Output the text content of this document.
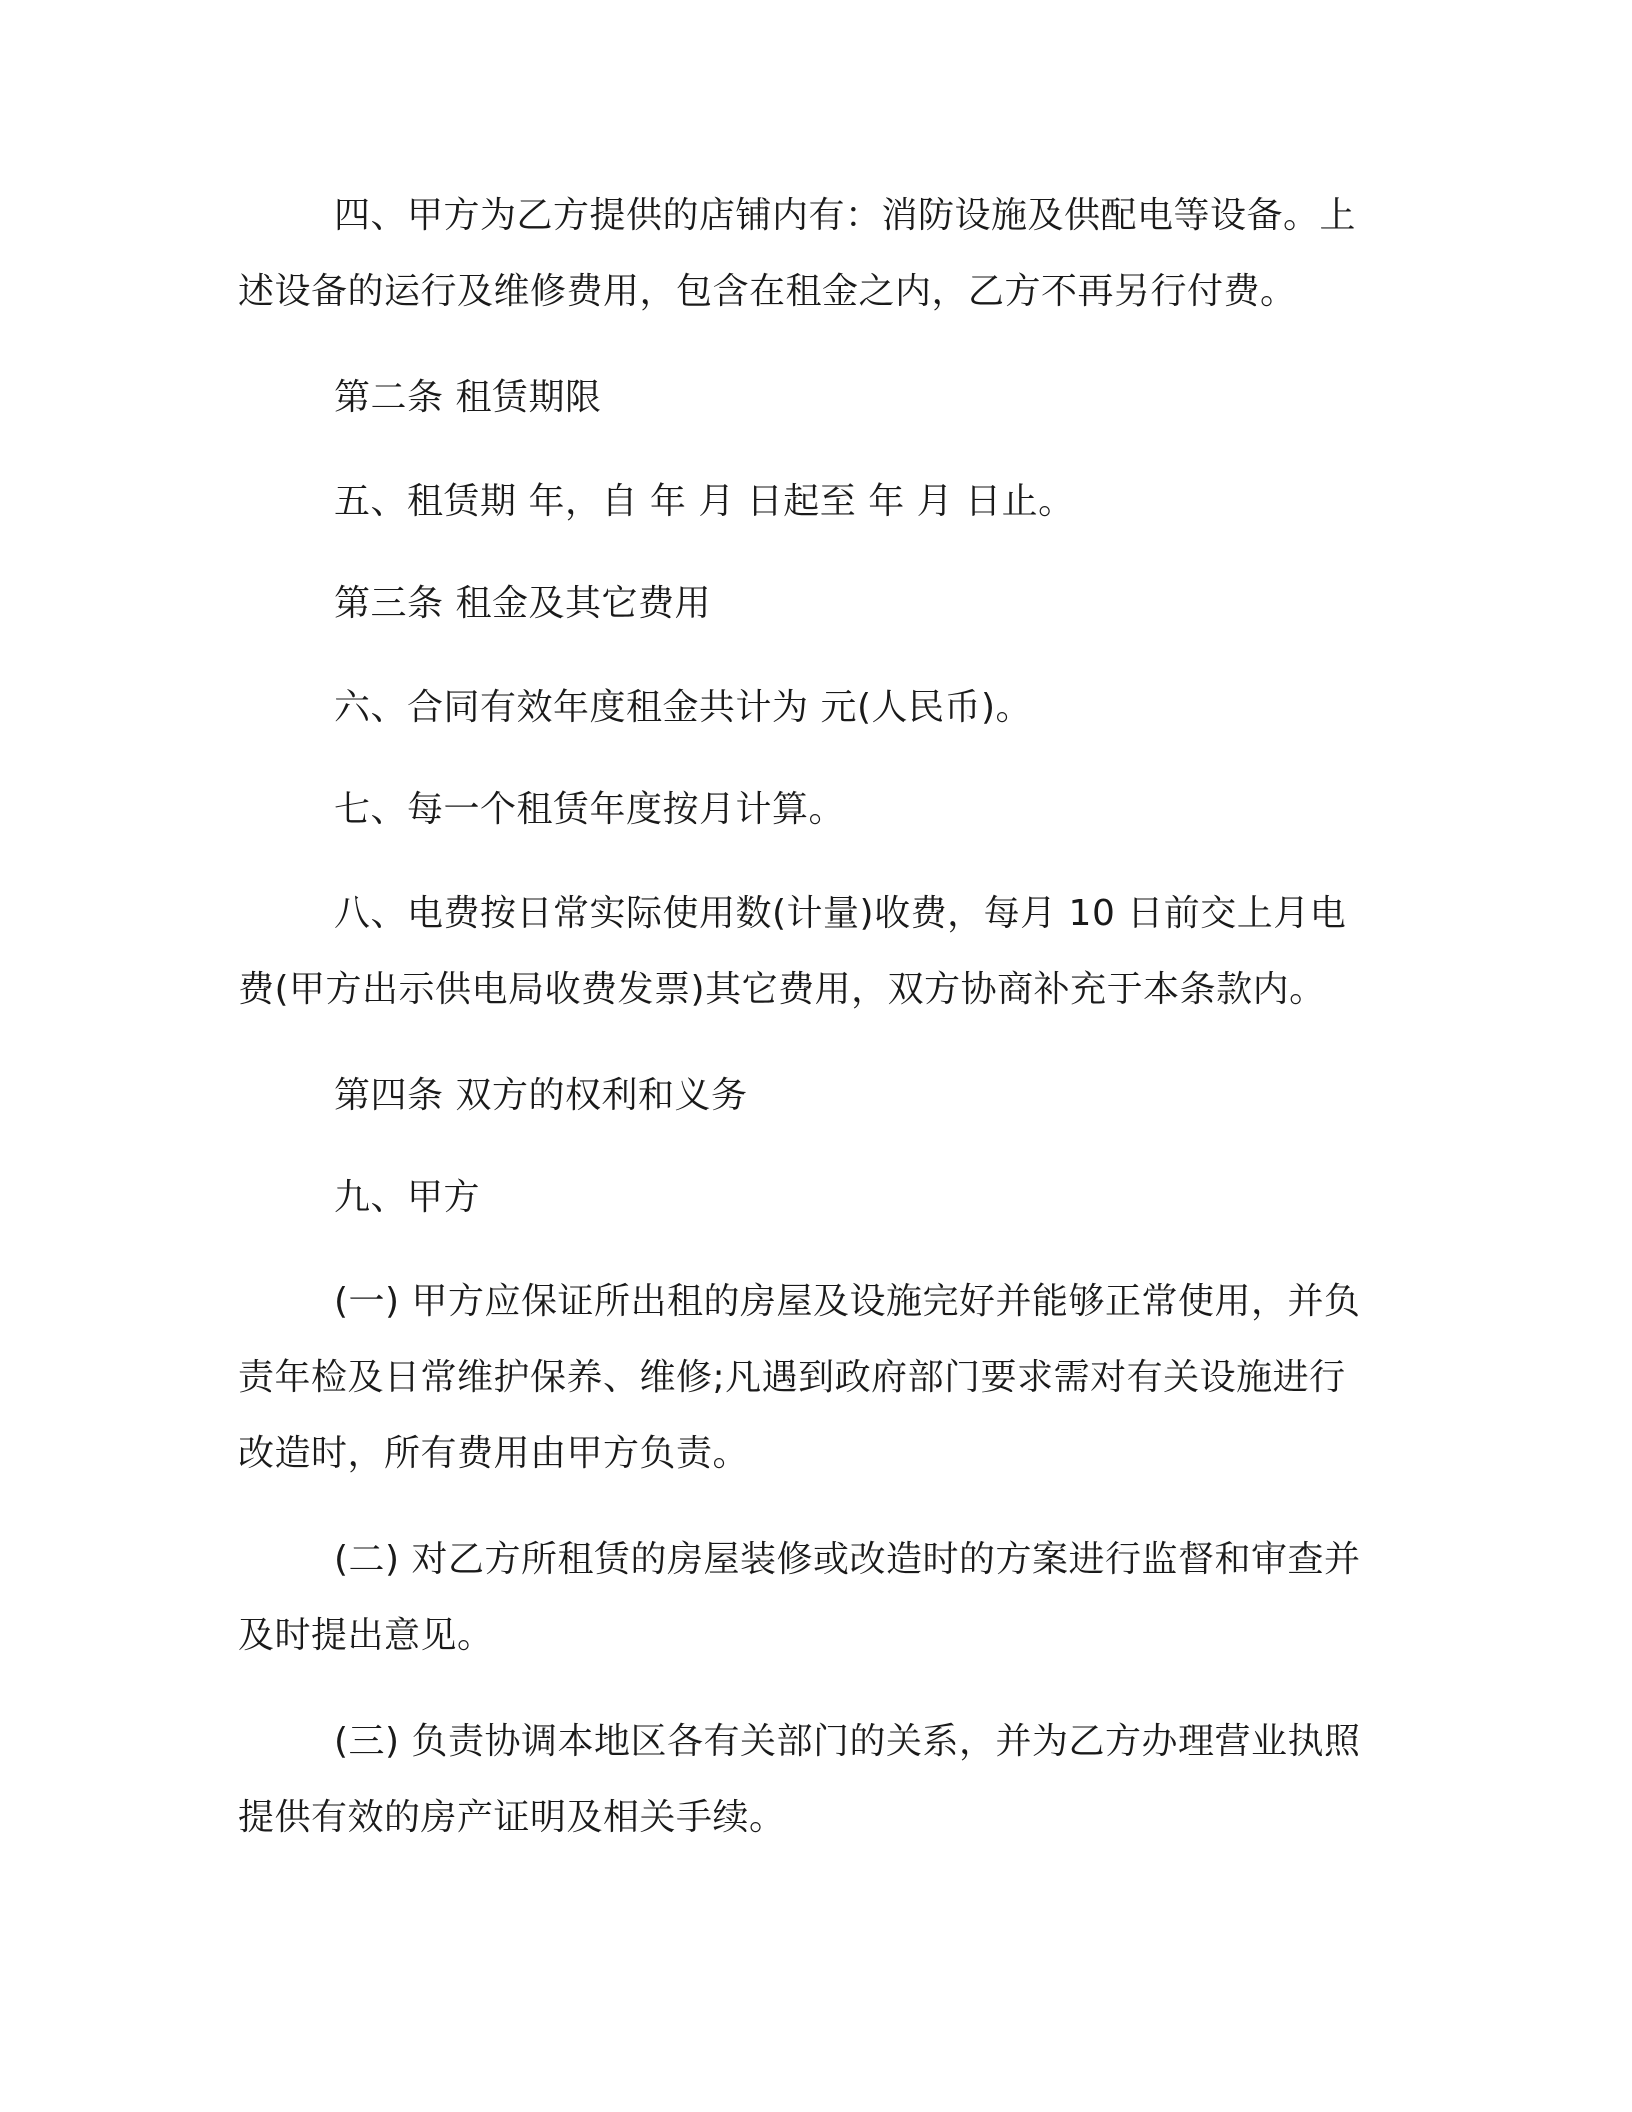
四、甲方为乙方提供的店铺内有：消防设施及供配电等设备。上
述设备的运行及维修费用，包含在租金之内，乙方不再另行付费。
第二条 租赁期限
五、租赁期 年，自 年 月 日起至 年 月 日止。
第三条 租金及其它费用
六、合同有效年度租金共计为 元(人民币)。
七、每一个租赁年度按月计算。
八、电费按日常实际使用数(计量)收费，每月 10 日前交上月电
费(甲方出示供电局收费发票)其它费用，双方协商补充于本条款内。
第四条 双方的权利和义务
九、甲方
(一) 甲方应保证所出租的房屋及设施完好并能够正常使用，并负
责年检及日常维护保养、维修;凡遇到政府部门要求需对有关设施进行
改造时，所有费用由甲方负责。
(二) 对乙方所租赁的房屋装修或改造时的方案进行监督和审查并
及时提出意见。
(三) 负责协调本地区各有关部门的关系，并为乙方办理营业执照
提供有效的房产证明及相关手续。
